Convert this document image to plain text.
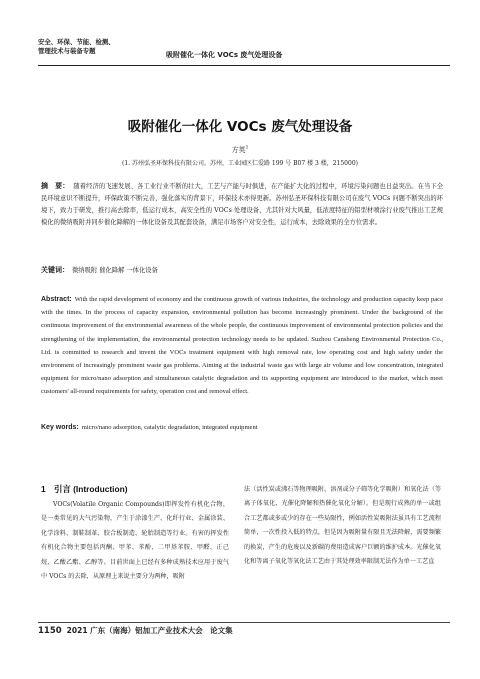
安全、环保、节能、检测、
管理技术与装备专题
吸附催化一体化 VOCs 废气处理设备
吸附催化一体化 VOCs 废气处理设备
方英$^1$
(1. 苏州弘圣环保科技有限公司，苏州，工业园区仁爱路 199 号 B07 楼 3 楼，215000)
摘　要： 随着经济的飞速发展、各工业行业不断的壮大，工艺与产能与时俱进，在产能扩大化的过程中，环境污染问题也日益突出。在当下全民环境意识不断提升，环保政策不断完善，强化落实的背景下，环保技术亦得更新。苏州弘圣环保科技有限公司在废气 VOCs 问题不断突出的环境下，致力于研发，推行高去除率，低运行成本，高安全性的 VOCs 处理设备，尤其针对大风量，低浓度特征的铝型材喷涂行业废气推出工艺规模化的微纳吸附并同步催化降解的一体化设备及其配套设备，满足市场客户对安全性，运行成本，去除效果的全方位需求。
关键词： 微纳吸附 催化降解 一体化设备
Abstract: With the rapid development of economy and the continuous growth of various industries, the technology and production capacity keep pace with the times. In the process of capacity expansion, environmental pollution has become increasingly prominent. Under the background of the continuous improvement of the environmental awareness of the whole people, the continuous improvement of environmental protection policies and the strengthening of the implementation, the environmental protection technology needs to be updated. Suzhou Cansheng Environmental Protection Co., Ltd. is committed to research and invent the VOCs treatment equipment with high removal rate, low operating cost and high safety under the environment of increasingly prominent waste gas problems. Aiming at the industrial waste gas with large air volume and low concentration, integrated equipment for micro/nano adsorption and simultaneous catalytic degradation and its supporting equipment are introduced to the market, which meet customers' all-round requirements for safety, operation cost and removal effect.
Key words: micro/nano adsorption, catalytic degradation, integrated equipment
1　引言 (Introduction)
VOCs(Volatile Organic Compounds)即挥发性有机化合物，是一类常见的大气污染物，产生于涂漆生产、化纤行业、金属涂装、化学涂料、制鞋制革、胶合板制造、轮胎制造等行业。有害的挥发性有机化合物主要包括丙酮、甲苯、苯酚、二甲基苯胺、甲醛、正己烷、乙酸乙酯、乙醇等。目前世面上已经有多种成熟技术应用于废气中 VOCs 的去除，从原理上来说主要分为两种，吸附
法（活性炭或沸石等物理吸附、溶剂或分子筛等化学吸附）和氧化法（等离子体氧化、光催化降解和热催化氧化分解）。但是现行成熟的单一或组合工艺都或多或少的存在一些局限性，例如活性炭吸附法虽具有工艺流程简单，一次性投入低的特点，但是因为吸附量有限且无法降解，需要频繁的换炭，产生的危废以及新碳的费用造成客户巨额的维护成本。光催化氧化和等离子氧化等氧化法工艺由于其处理效率限制无法作为单一工艺直
1150 2021 广东（南海）铝加工产业技术大会　论文集
